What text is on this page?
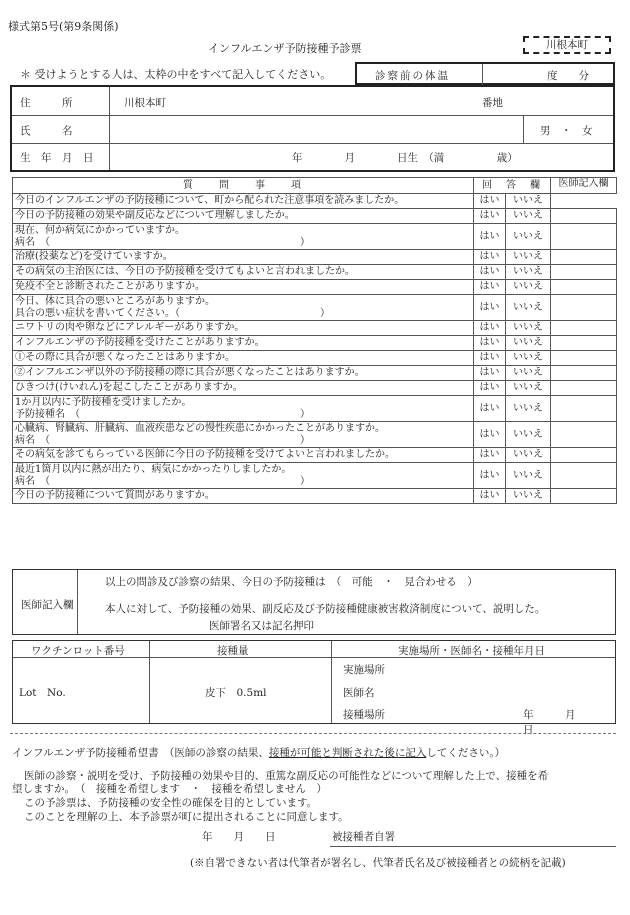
様式第5号(第9条関係)
インフルエンザ予防接種予診票	川根本町
＊ 受けようとする人は、太枠の中をすべて記入してください。	診察前の体温	度　　分
住　　　所	川根本町	番地
氏　　　名	男　・　女
生　年　月　日	年　　　　月　　　　日生　（満　　　　　歳）
質　　問　　事　　項	回　答　欄		医師記入欄

今日のインフルエンザの予防接種について、町から配られた注意事項を読みましたか。	はい	いいえ	

今日の予防接種の効果や副反応などについて理解しましたか。	はい	いいえ	

現在、何か病気にかかっていますか。
病名　（　　　　　　　　　　　　　　　　　　　　　　　　　）	はい	いいえ	

治療(投薬など)を受けていますか。	はい	いいえ	

その病気の主治医には、今日の予防接種を受けてもよいと言われましたか。	はい	いいえ	

免疫不全と診断されたことがありますか。	はい	いいえ	

今日、体に具合の悪いところがありますか。
具合の悪い症状を書いてください。（　　　　　　　　　　　　　　）	はい	いいえ	

ニワトリの肉や卵などにアレルギーがありますか。	はい	いいえ	

インフルエンザの予防接種を受けたことがありますか。	はい	いいえ	

①その際に具合が悪くなったことはありますか。	はい	いいえ	

②インフルエンザ以外の予防接種の際に具合が悪くなったことはありますか。	はい	いいえ	

ひきつけ(けいれん)を起こしたことがありますか。	はい	いいえ	

1か月以内に予防接種を受けましたか。
予防接種名　（　　　　　　　　　　　　　　　　　　　　　　）	はい	いいえ	

心臓病、腎臓病、肝臓病、血液疾患などの慢性疾患にかかったことがありますか。
病名　（　　　　　　　　　　　　　　　　　　　　　　　　　）	はい	いいえ	

その病気を診てもらっている医師に今日の予防接種を受けてよいと言われましたか。	はい	いいえ	

最近1箇月以内に熱が出たり、病気にかかったりしましたか。
病名　（　　　　　　　　　　　　　　　　　　　　　　　　　）	はい	いいえ	

今日の予防接種について質問がありますか。	はい	いいえ	
医師記入欄
以上の問診及び診察の結果、今日の予防接種は　（　可能　・　見合わせる　）
本人に対して、予防接種の効果、副反応及び予防接種健康被害救済制度について、説明した。
医師署名又は記名押印
ワクチンロット番号	接種量	実施場所・医師名・接種年月日
Lot　No.	皮下　0.5ml
実施場所
医師名
接種場所	年　　　月　　　日
インフルエンザ予防接種希望書　（医師の診察の結果、接種が可能と判断された後に記入してください。）
医師の診察・説明を受け、予防接種の効果や目的、重篤な副反応の可能性などについて理解した上で、接種を希
望しますか。　（　接種を希望します　・　接種を希望しません　）
この予診票は、予防接種の安全性の確保を目的としています。
このことを理解の上、本予診票が町に提出されることに同意します。
年　　月　　日	被接種者自署
(※自署できない者は代筆者が署名し、代筆者氏名及び被接種者との続柄を記載)
